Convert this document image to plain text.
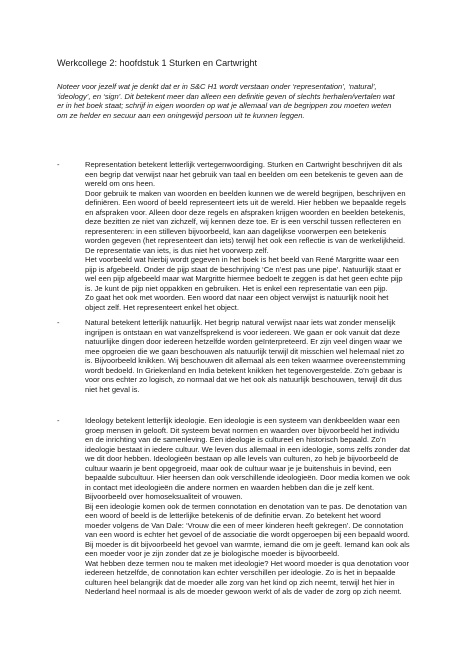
Werkcollege 2: hoofdstuk 1 Sturken en Cartwright
Noteer voor jezelf wat je denkt dat er in S&C H1 wordt verstaan onder ‘representation’, ‘natural’,
‘ideology’, en ‘sign’. Dit betekent meer dan alleen een definitie geven of slechts herhalen/vertalen wat
er in het boek staat; schrijf in eigen woorden op wat je allemaal van de begrippen zou moeten weten
om ze helder en secuur aan een oningewijd persoon uit te kunnen leggen.
-	Representation betekent letterlijk vertegenwoordiging. Sturken en Cartwright beschrijven dit als
een begrip dat verwijst naar het gebruik van taal en beelden om een betekenis te geven aan de
wereld om ons heen.
Door gebruik te maken van woorden en beelden kunnen we de wereld begrijpen, beschrijven en
definiëren. Een woord of beeld representeert iets uit de wereld. Hier hebben we bepaalde regels
en afspraken voor. Alleen door deze regels en afspraken krijgen woorden en beelden betekenis,
deze bezitten ze niet van zichzelf, wij kennen deze toe. Er is een verschil tussen reflecteren en
representeren: in een stilleven bijvoorbeeld, kan aan dagelijkse voorwerpen een betekenis
worden gegeven (het representeert dan iets) terwijl het ook een reflectie is van de werkelijkheid.
De representatie van iets, is dus niet het voorwerp zelf.
Het voorbeeld wat hierbij wordt gegeven in het boek is het beeld van René Margritte waar een
pijp is afgebeeld. Onder de pijp staat de beschrijving ‘Ce n’est pas une pipe’. Natuurlijk staat er
wel een pijp afgebeeld maar wat Margritte hiermee bedoelt te zeggen is dat het geen echte pijp
is. Je kunt de pijp niet oppakken en gebruiken. Het is enkel een representatie van een pijp.
Zo gaat het ook met woorden. Een woord dat naar een object verwijst is natuurlijk nooit het
object zelf. Het representeert enkel het object.
-	Natural betekent letterlijk natuurlijk. Het begrip natural verwijst naar iets wat zonder menselijk
ingrijpen is ontstaan en wat vanzelfsprekend is voor iedereen. We gaan er ook vanuit dat deze
natuurlijke dingen door iedereen hetzelfde worden geïnterpreteerd. Er zijn veel dingen waar we
mee opgroeien die we gaan beschouwen als natuurlijk terwijl dit misschien wel helemaal niet zo
is. Bijvoorbeeld knikken. Wij beschouwen dit allemaal als een teken waarmee overeenstemming
wordt bedoeld. In Griekenland en India betekent knikken het tegenovergestelde. Zo’n gebaar is
voor ons echter zo logisch, zo normaal dat we het ook als natuurlijk beschouwen, terwijl dit dus
niet het geval is.
-	Ideology betekent letterlijk ideologie. Een ideologie is een systeem van denkbeelden waar een
groep mensen in gelooft. Dit systeem bevat normen en waarden over bijvoorbeeld het individu
en de inrichting van de samenleving. Een ideologie is cultureel en historisch bepaald. Zo’n
ideologie bestaat in iedere cultuur. We leven dus allemaal in een ideologie, soms zelfs zonder dat
we dit door hebben. Ideologieën bestaan op alle levels van culturen, zo heb je bijvoorbeeld de
cultuur waarin je bent opgegroeid, maar ook de cultuur waar je je buitenshuis in bevind, een
bepaalde subcultuur. Hier heersen dan ook verschillende ideologieën. Door media komen we ook
in contact met ideologieën die andere normen en waarden hebben dan die je zelf kent.
Bijvoorbeeld over homoseksualiteit of vrouwen.
Bij een ideologie komen ook de termen connotation en denotation van te pas. De denotation van
een woord of beeld is de letterlijke betekenis of de definitie ervan. Zo betekent het woord
moeder volgens de Van Dale: ‘Vrouw die een of meer kinderen heeft gekregen’. De connotation
van een woord is echter het gevoel of de associatie die wordt opgeroepen bij een bepaald woord.
Bij moeder is dit bijvoorbeeld het gevoel van warmte, iemand die om je geeft. Iemand kan ook als
een moeder voor je zijn zonder dat ze je biologische moeder is bijvoorbeeld.
Wat hebben deze termen nou te maken met ideologie? Het woord moeder is qua denotation voor
iedereen hetzelfde, de connotation kan echter verschillen per ideologie. Zo is het in bepaalde
culturen heel belangrijk dat de moeder alle zorg van het kind op zich neemt, terwijl het hier in
Nederland heel normaal is als de moeder gewoon werkt of als de vader de zorg op zich neemt.
